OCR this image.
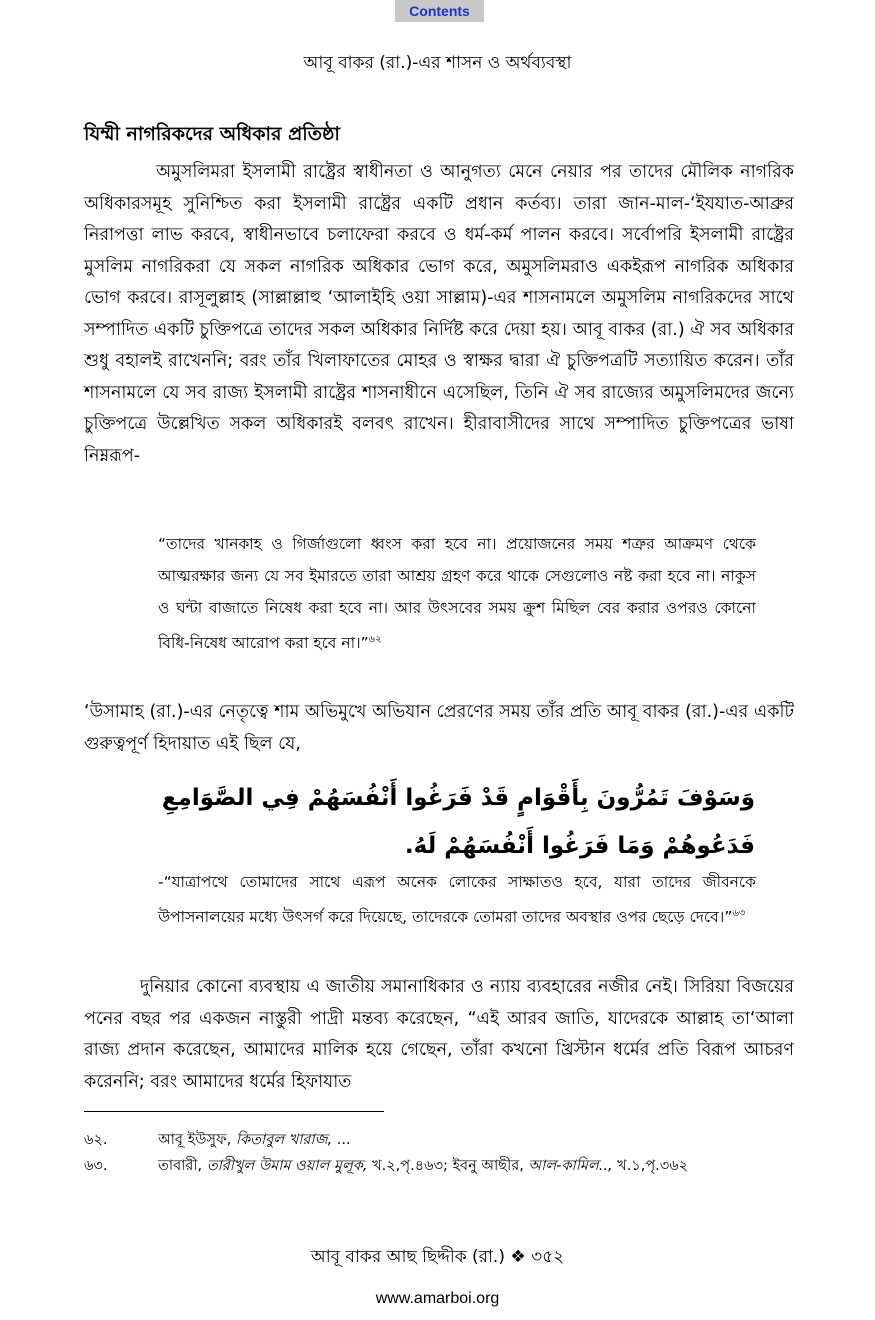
Contents
আবূ বাকর (রা.)-এর শাসন ও অর্থব্যবস্থা
যিম্মী নাগরিকদের অধিকার প্রতিষ্ঠা
অমুসলিমরা ইসলামী রাষ্ট্রের স্বাধীনতা ও আনুগত্য মেনে নেয়ার পর তাদের মৌলিক নাগরিক অধিকারসমূহ সুনিশ্চিত করা ইসলামী রাষ্ট্রের একটি প্রধান কর্তব্য। তারা জান-মাল-‘ইযযাত-আব্রুর নিরাপত্তা লাভ করবে, স্বাধীনভাবে চলাফেরা করবে ও ধর্ম-কর্ম পালন করবে। সর্বোপরি ইসলামী রাষ্ট্রের মুসলিম নাগরিকরা যে সকল নাগরিক অধিকার ভোগ করে, অমুসলিমরাও একইরূপ নাগরিক অধিকার ভোগ করবে। রাসূলুল্লাহ (সাল্লাল্লাহু ‘আলাইহি ওয়া সাল্লাম)-এর শাসনামলে অমুসলিম নাগরিকদের সাথে সম্পাদিত একটি চুক্তিপত্রে তাদের সকল অধিকার নির্দিষ্ট করে দেয়া হয়। আবূ বাকর (রা.) ঐ সব অধিকার শুধু বহালই রাখেননি; বরং তাঁর খিলাফাতের মোহর ও স্বাক্ষর দ্বারা ঐ চুক্তিপত্রটি সত্যায়িত করেন। তাঁর শাসনামলে যে সব রাজ্য ইসলামী রাষ্ট্রের শাসনাধীনে এসেছিল, তিনি ঐ সব রাজ্যের অমুসলিমদের জন্যে চুক্তিপত্রে উল্লেখিত সকল অধিকারই বলবৎ রাখেন। হীরাবাসীদের সাথে সম্পাদিত চুক্তিপত্রের ভাষা নিম্নরূপ-
“তাদের খানকাহ ও গির্জাগুলো ধ্বংস করা হবে না। প্রয়োজনের সময় শত্রুর আক্রমণ থেকে আত্মরক্ষার জন্য যে সব ইমারতে তারা আশ্রয় গ্রহণ করে থাকে সেগুলোও নষ্ট করা হবে না। নাকুস ও ঘন্টা বাজাতে নিষেধ করা হবে না। আর উৎসবের সময় ক্রুশ মিছিল বের করার ওপরও কোনো বিধি-নিষেধ আরোপ করা হবে না।”$^{৬২}$
‘উসামাহ (রা.)-এর নেতৃত্বে শাম অভিমুখে অভিযান প্রেরণের সময় তাঁর প্রতি আবূ বাকর (রা.)-এর একটি গুরুত্বপূর্ণ হিদায়াত এই ছিল যে,
وَسَوْفَ تَمُرُّونَ بِأَقْوَامٍ قَدْ فَرَغُوا أَنْفُسَهُمْ فِي الصَّوَامِعِ فَدَعُوهُمْ وَمَا فَرَغُوا أَنْفُسَهُمْ لَهُ.
-“যাত্রাপথে তোমাদের সাথে এরূপ অনেক লোকের সাক্ষাতও হবে, যারা তাদের জীবনকে উপাসনালয়ের মধ্যে উৎসর্গ করে দিয়েছে, তাদেরকে তোমরা তাদের অবস্থার ওপর ছেড়ে দেবে।”$^{৬৩}$
দুনিয়ার কোনো ব্যবস্থায় এ জাতীয় সমানাধিকার ও ন্যায় ব্যবহারের নজীর নেই। সিরিয়া বিজয়ের পনের বছর পর একজন নাস্তুরী পাদ্রী মন্তব্য করেছেন, “এই আরব জাতি, যাদেরকে আল্লাহ তা‘আলা রাজ্য প্রদান করেছেন, আমাদের মালিক হয়ে গেছেন, তাঁরা কখনো খ্রিস্টান ধর্মের প্রতি বিরূপ আচরণ করেননি; বরং আমাদের ধর্মের হিফাযাত
৬২.	আবূ ইউসুফ, কিতাবুল খারাজ, ...
৬৩.	তাবারী, তারীখুল উমাম ওয়াল মুলূক, খ.২,পৃ.৪৬৩; ইবনু আছীর, আল-কামিল.., খ.১,পৃ.৩৬২
আবূ বাকর আছ ছিদ্দীক (রা.) ❖ ৩৫২
www.amarboi.org
